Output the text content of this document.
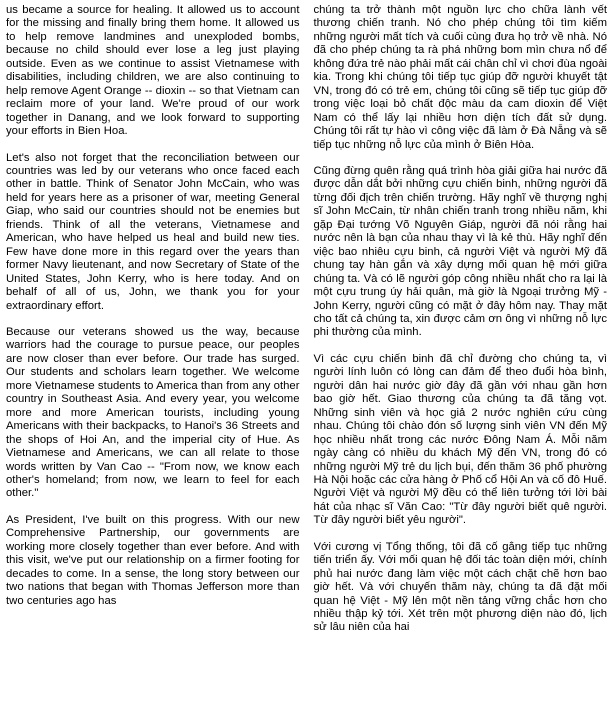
us became a source for healing. It allowed us to account for the missing and finally bring them home. It allowed us to help remove landmines and unexploded bombs, because no child should ever lose a leg just playing outside. Even as we continue to assist Vietnamese with disabilities, including children, we are also continuing to help remove Agent Orange -- dioxin -- so that Vietnam can reclaim more of your land. We're proud of our work together in Danang, and we look forward to supporting your efforts in Bien Hoa.

Let's also not forget that the reconciliation between our countries was led by our veterans who once faced each other in battle. Think of Senator John McCain, who was held for years here as a prisoner of war, meeting General Giap, who said our countries should not be enemies but friends. Think of all the veterans, Vietnamese and American, who have helped us heal and build new ties. Few have done more in this regard over the years than former Navy lieutenant, and now Secretary of State of the United States, John Kerry, who is here today. And on behalf of all of us, John, we thank you for your extraordinary effort.

Because our veterans showed us the way, because warriors had the courage to pursue peace, our peoples are now closer than ever before. Our trade has surged. Our students and scholars learn together. We welcome more Vietnamese students to America than from any other country in Southeast Asia. And every year, you welcome more and more American tourists, including young Americans with their backpacks, to Hanoi's 36 Streets and the shops of Hoi An, and the imperial city of Hue. As Vietnamese and Americans, we can all relate to those words written by Van Cao -- "From now, we know each other's homeland; from now, we learn to feel for each other."

As President, I've built on this progress. With our new Comprehensive Partnership, our governments are working more closely together than ever before. And with this visit, we've put our relationship on a firmer footing for decades to come. In a sense, the long story between our two nations that began with Thomas Jefferson more than two centuries ago has

chúng ta trở thành một nguồn lực cho chữa lành vết thương chiến tranh. Nó cho phép chúng tôi tìm kiếm những người mất tích và cuối cùng đưa họ trở về nhà. Nó đã cho phép chúng ta rà phá những bom mìn chưa nổ để không đứa trẻ nào phải mất cái chân chỉ vì chơi đùa ngoài kia. Trong khi chúng tôi tiếp tục giúp đỡ người khuyết tật VN, trong đó có trẻ em, chúng tôi cũng sẽ tiếp tục giúp đỡ trong việc loại bỏ chất độc màu da cam dioxin để Việt Nam có thể lấy lại nhiều hơn diện tích đất sử dụng. Chúng tôi rất tự hào vì công việc đã làm ở Đà Nẵng và sẽ tiếp tục những nỗ lực của mình ở Biên Hòa.

Cũng đừng quên rằng quá trình hòa giải giữa hai nước đã được dẫn dắt bởi những cựu chiến binh, những người đã từng đối địch trên chiến trường. Hãy nghĩ về thượng nghị sĩ John McCain, từ nhân chiến tranh trong nhiều năm, khi gặp Đại tướng Võ Nguyên Giáp, người đã nói rằng hai nước nên là bạn của nhau thay vì là kẻ thù. Hãy nghĩ đến việc bao nhiêu cựu binh, cả người Việt và người Mỹ đã chung tay hàn gắn và xây dựng mối quan hệ mới giữa chúng ta. Và có lẽ người góp công nhiều nhất cho ra lại là một cựu trung úy hải quân, mà giờ là Ngoại trưởng Mỹ - John Kerry, người cũng có mặt ở đây hôm nay. Thay mặt cho tất cả chúng ta, xin được cảm ơn ông vì những nỗ lực phi thường của mình.

Vì các cựu chiến binh đã chỉ đường cho chúng ta, vì người lính luôn có lòng can đảm để theo đuổi hòa bình, người dân hai nước giờ đây đã gần với nhau gần hơn bao giờ hết. Giao thương của chúng ta đã tăng vọt. Những sinh viên và học giả 2 nước nghiên cứu cùng nhau. Chúng tôi chào đón số lượng sinh viên VN đến Mỹ học nhiều nhất trong các nước Đông Nam Á. Mỗi năm ngày càng có nhiều du khách Mỹ đến VN, trong đó có những người Mỹ trẻ du lịch bụi, đến thăm 36 phố phường Hà Nội hoặc các cửa hàng ở Phố cổ Hội An và cố đô Huế. Người Việt và người Mỹ đều có thể liên tưởng tới lời bài hát của nhạc sĩ Văn Cao: "Từ đây người biết quê người. Từ đây người biết yêu người".

Với cương vị Tổng thống, tôi đã cố gắng tiếp tục những tiến triển ấy. Với mối quan hệ đối tác toàn diện mới, chính phủ hai nước đang làm việc một cách chặt chẽ hơn bao giờ hết. Và với chuyến thăm này, chúng ta đã đặt mối quan hệ Việt - Mỹ lên một nền tảng vững chắc hơn cho nhiều thập kỷ tới. Xét trên một phương diện nào đó, lịch sử lâu niên của hai
